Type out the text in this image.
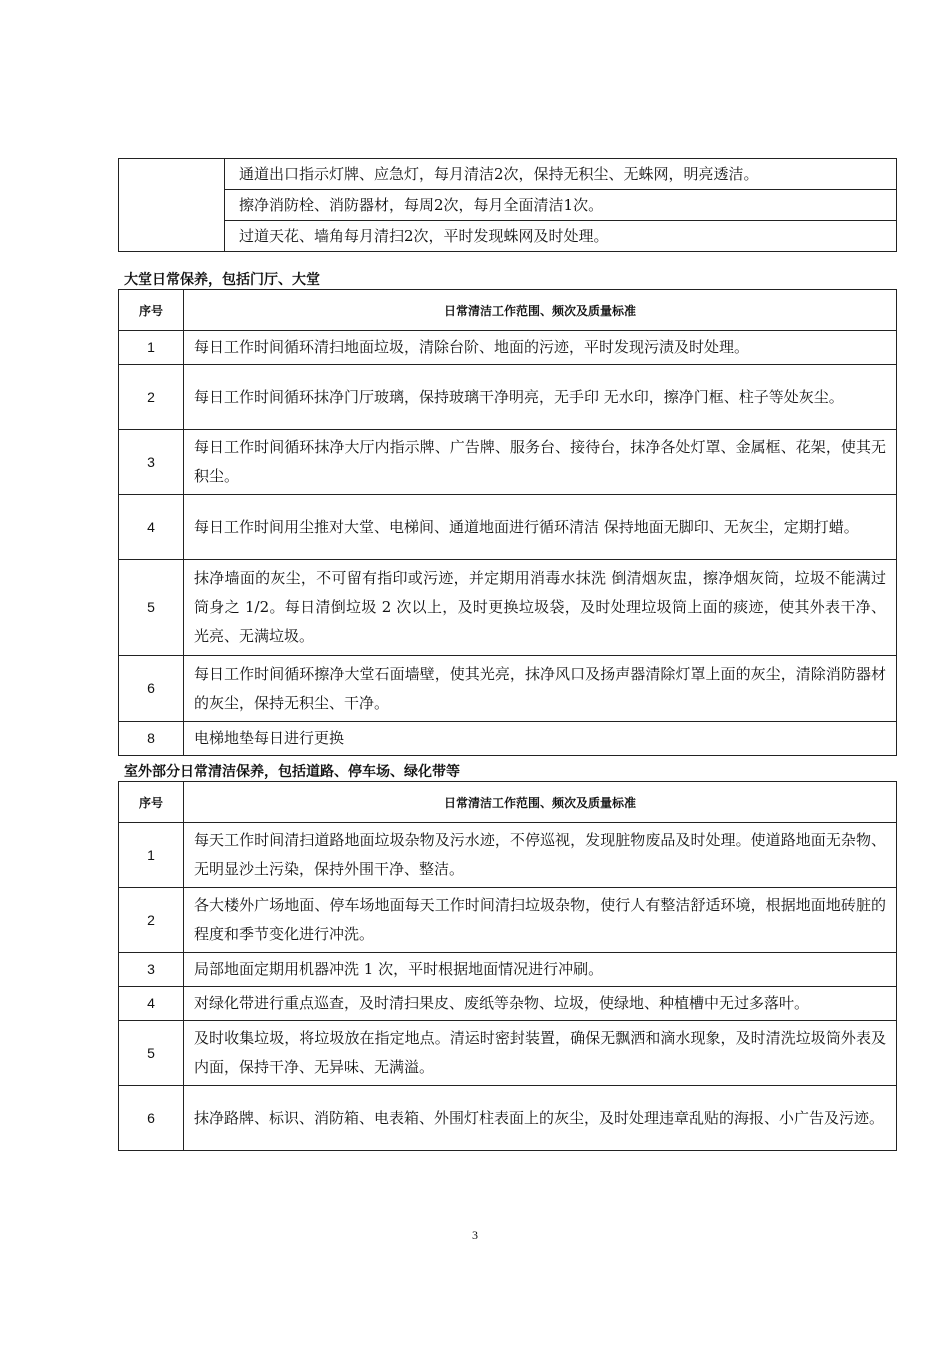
	通道出口指示灯牌、应急灯，每月清洁2次，保持无积尘、无蛛网，明亮透洁。
擦净消防栓、消防器材，每周2次，每月全面清洁1次。
过道天花、墙角每月清扫2次，平时发现蛛网及时处理。
大堂日常保养，包括门厅、大堂
序号	日常清洁工作范围、频次及质量标准
1	每日工作时间循环清扫地面垃圾，清除台阶、地面的污迹，平时发现污渍及时处理。
2	每日工作时间循环抹净门厅玻璃，保持玻璃干净明亮，无手印 无水印，擦净门框、柱子等处灰尘。
3	每日工作时间循环抹净大厅内指示牌、广告牌、服务台、接待台，抹净各处灯罩、金属框、花架，使其无积尘。
4	每日工作时间用尘推对大堂、电梯间、通道地面进行循环清洁 保持地面无脚印、无灰尘，定期打蜡。
5	抹净墙面的灰尘，不可留有指印或污迹，并定期用消毒水抹洗 倒清烟灰盅，擦净烟灰筒，垃圾不能满过筒身之 1/2。每日清倒垃圾 2 次以上，及时更换垃圾袋，及时处理垃圾筒上面的痰迹，使其外表干净、光亮、无满垃圾。
6	每日工作时间循环擦净大堂石面墙壁，使其光亮，抹净风口及扬声器清除灯罩上面的灰尘，清除消防器材的灰尘，保持无积尘、干净。
8	电梯地垫每日进行更换
室外部分日常清洁保养，包括道路、停车场、绿化带等
序号	日常清洁工作范围、频次及质量标准
1	每天工作时间清扫道路地面垃圾杂物及污水迹，不停巡视，发现脏物废品及时处理。使道路地面无杂物、无明显沙土污染，保持外围干净、整洁。
2	各大楼外广场地面、停车场地面每天工作时间清扫垃圾杂物，使行人有整洁舒适环境，根据地面地砖脏的程度和季节变化进行冲洗。
3	局部地面定期用机器冲洗 1 次，平时根据地面情况进行冲刷。
4	对绿化带进行重点巡查，及时清扫果皮、废纸等杂物、垃圾，使绿地、种植槽中无过多落叶。
5	及时收集垃圾，将垃圾放在指定地点。清运时密封装置，确保无飘洒和滴水现象，及时清洗垃圾筒外表及内面，保持干净、无异味、无满溢。
6	抹净路牌、标识、消防箱、电表箱、外围灯柱表面上的灰尘，及时处理违章乱贴的海报、小广告及污迹。
3
